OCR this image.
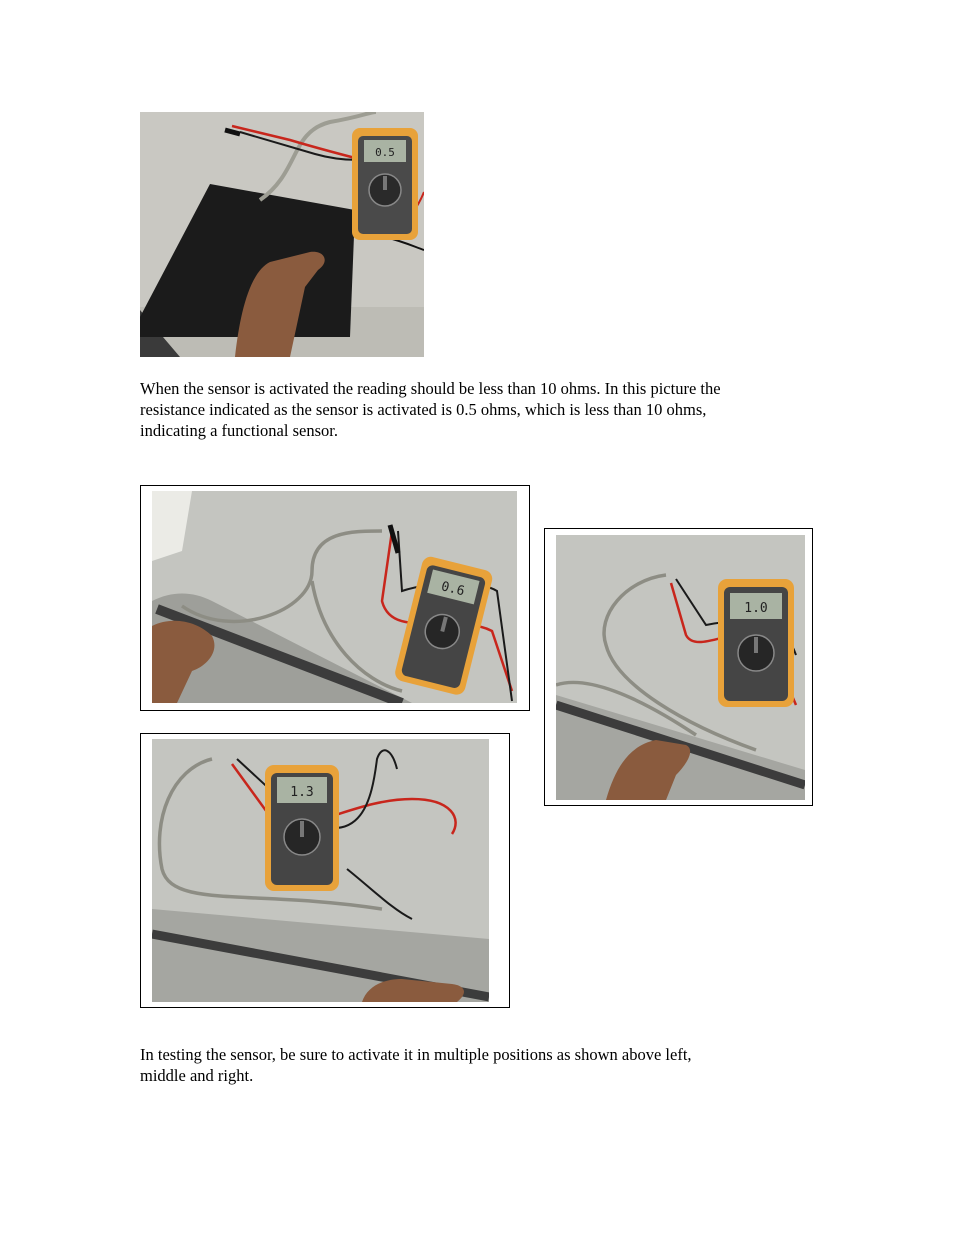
0.5

When the sensor is activated the reading should be less than 10 ohms. In this picture the
resistance indicated as the sensor is activated is 0.5 ohms, which is less than 10 ohms,
indicating a functional sensor.

0.6
1.0
1.3

In testing the sensor, be sure to activate it in multiple positions as shown above left,
middle and right.
